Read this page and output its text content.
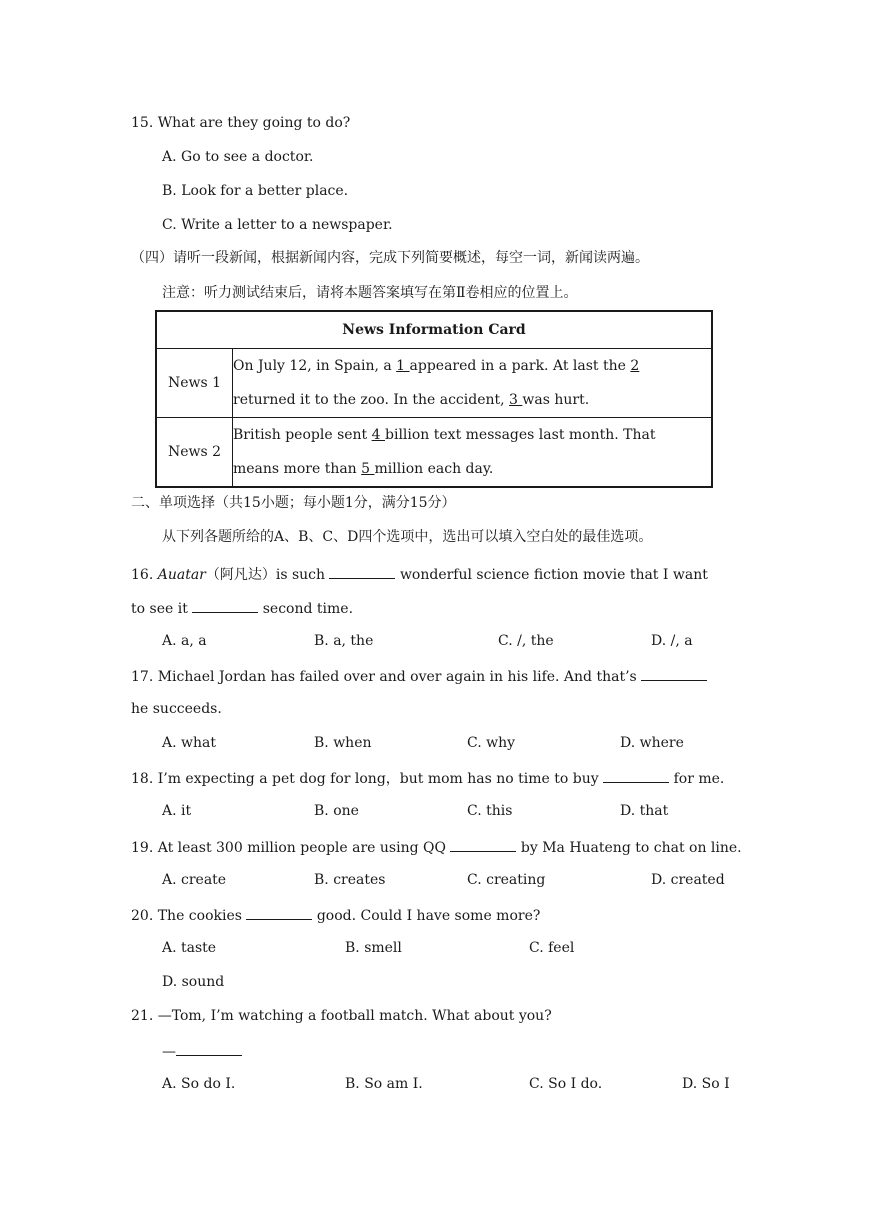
15. What are they going to do?
A. Go to see a doctor.
B. Look for a better place.
C. Write a letter to a newspaper.
（四）请听一段新闻，根据新闻内容，完成下列简要概述，每空一词，新闻读两遍。
注意：听力测试结束后，请将本题答案填写在第Ⅱ卷相应的位置上。
News Information Card	
News 1	On July 12, in Spain, a 1 appeared in a park. At last the 2
returned it to the zoo. In the accident, 3 was hurt.

News 2	British people sent 4 billion text messages last month. That
means more than 5 million each day.
二、单项选择（共15小题；每小题1分，满分15分）
从下列各题所给的A、B、C、D四个选项中，选出可以填入空白处的最佳选项。
16. Auatar（阿凡达）is such	wonderful science fiction movie that I want
to see it	second time.
A. a, a	B. a, the	C. /, the	D. /, a
17. Michael Jordan has failed over and over again in his life. And that’s
he succeeds.
A. what	B. when	C. why	D. where
18. I’m expecting a pet dog for long，but mom has no time to buy	for me.
A. it	B. one	C. this	D. that
19. At least 300 million people are using QQ	by Ma Huateng to chat on line.
A. create	B. creates	C. creating	D. created
20. The cookies	good. Could I have some more?
A. taste	B. smell	C. feel
D. sound
21. —Tom, I’m watching a football match. What about you?
—
A. So do I.	B. So am I.	C. So I do.	D. So I
